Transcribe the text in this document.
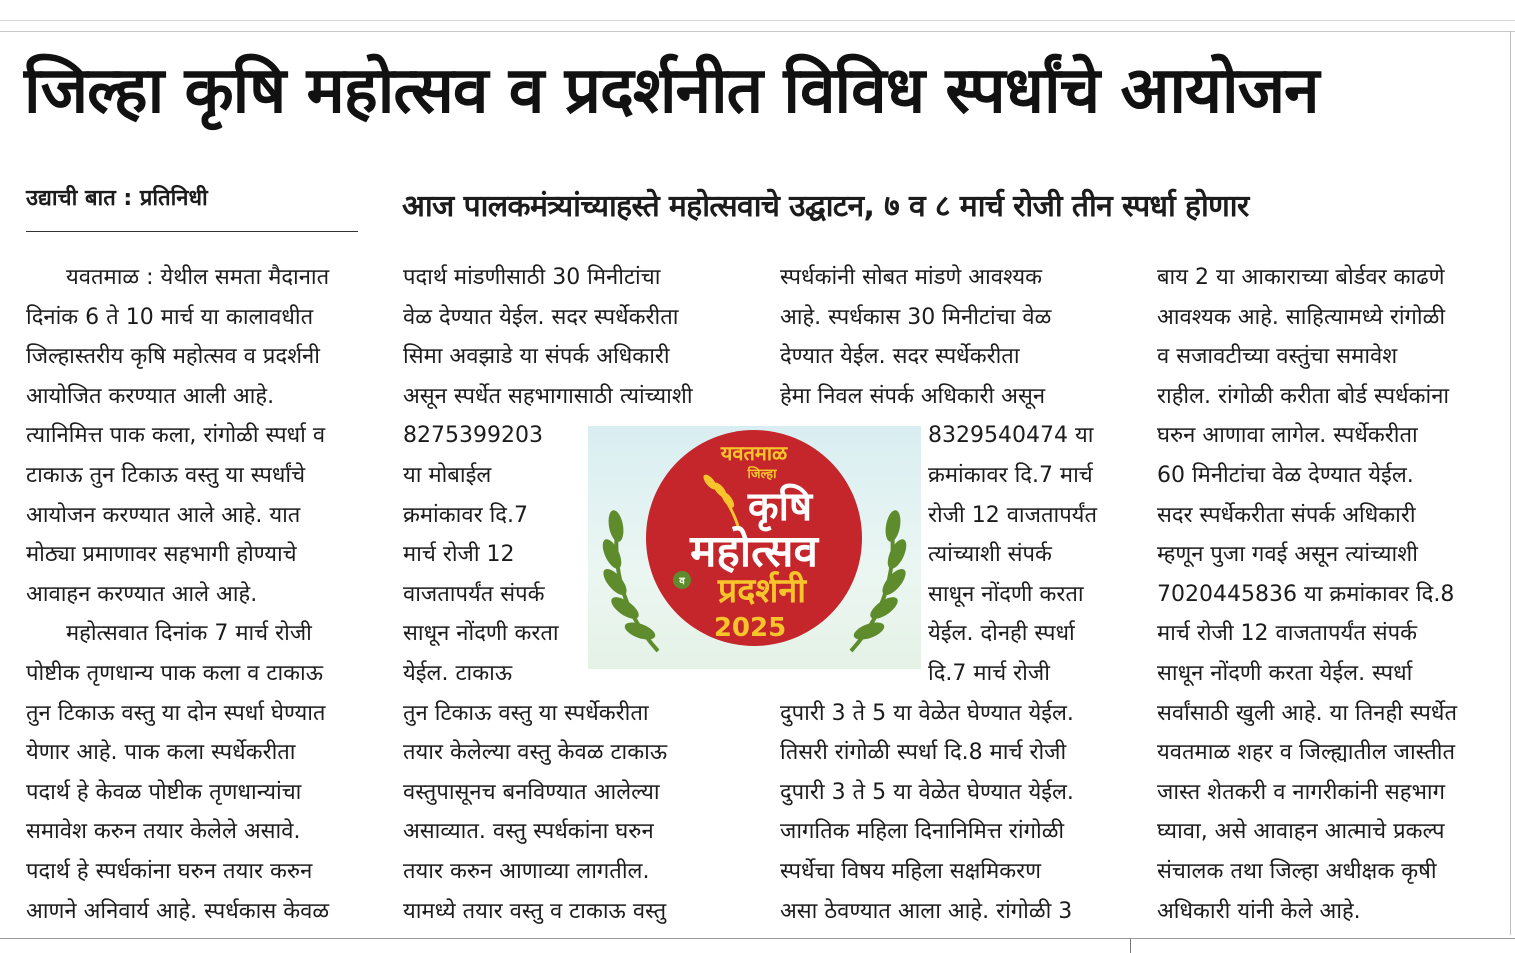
जिल्हा कृषि महोत्सव व प्रदर्शनीत विविध स्पर्धांचे आयोजन
उद्याची बात : प्रतिनिधी	आज पालकमंत्र्यांच्याहस्ते महोत्सवाचे उद्घाटन, ७ व ८ मार्च रोजी तीन स्पर्धा होणार
यवतमाळ : येथील समता मैदानात
दिनांक 6 ते 10 मार्च या कालावधीत
जिल्हास्तरीय कृषि महोत्सव व प्रदर्शनी
आयोजित करण्यात आली आहे.
त्यानिमित्त पाक कला, रांगोळी स्पर्धा व
टाकाऊ तुन टिकाऊ वस्तु या स्पर्धांचे
आयोजन करण्यात आले आहे. यात
मोठ्या प्रमाणावर सहभागी होण्याचे
आवाहन करण्यात आले आहे.
महोत्सवात दिनांक 7 मार्च रोजी
पोष्टीक तृणधान्य पाक कला व टाकाऊ
तुन टिकाऊ वस्तु या दोन स्पर्धा घेण्यात
येणार आहे. पाक कला स्पर्धेकरीता
पदार्थ हे केवळ पोष्टीक तृणधान्यांचा
समावेश करुन तयार केलेले असावे.
पदार्थ हे स्पर्धकांना घरुन तयार करुन
आणने अनिवार्य आहे. स्पर्धकास केवळ
पदार्थ मांडणीसाठी 30 मिनीटांचा
वेळ देण्यात येईल. सदर स्पर्धेकरीता
सिमा अवझाडे या संपर्क अधिकारी
असून स्पर्धेत सहभागासाठी त्यांच्याशी
8275399203
या मोबाईल
क्रमांकावर दि.7
मार्च रोजी 12
वाजतापर्यंत संपर्क
साधून नोंदणी करता
येईल. टाकाऊ
तुन टिकाऊ वस्तु या स्पर्धेकरीता
तयार केलेल्या वस्तु केवळ टाकाऊ
वस्तुपासूनच बनविण्यात आलेल्या
असाव्यात. वस्तु स्पर्धकांना घरुन
तयार करुन आणाव्या लागतील.
यामध्ये तयार वस्तु व टाकाऊ वस्तु
स्पर्धकांनी सोबत मांडणे आवश्यक
आहे. स्पर्धकास 30 मिनीटांचा वेळ
देण्यात येईल. सदर स्पर्धेकरीता
हेमा निवल संपर्क अधिकारी असून
8329540474 या
क्रमांकावर दि.7 मार्च
रोजी 12 वाजतापर्यंत
त्यांच्याशी संपर्क
साधून नोंदणी करता
येईल. दोनही स्पर्धा
दि.7 मार्च रोजी
दुपारी 3 ते 5 या वेळेत घेण्यात येईल.
तिसरी रांगोळी स्पर्धा दि.8 मार्च रोजी
दुपारी 3 ते 5 या वेळेत घेण्यात येईल.
जागतिक महिला दिनानिमित्त रांगोळी
स्पर्धेचा विषय महिला सक्षमिकरण
असा ठेवण्यात आला आहे. रांगोळी 3
बाय 2 या आकाराच्या बोर्डवर काढणे
आवश्यक आहे. साहित्यामध्ये रांगोळी
व सजावटीच्या वस्तुंचा समावेश
राहील. रांगोळी करीता बोर्ड स्पर्धकांना
घरुन आणावा लागेल. स्पर्धेकरीता
60 मिनीटांचा वेळ देण्यात येईल.
सदर स्पर्धेकरीता संपर्क अधिकारी
म्हणून पुजा गवई असून त्यांच्याशी
7020445836 या क्रमांकावर दि.8
मार्च रोजी 12 वाजतापर्यंत संपर्क
साधून नोंदणी करता येईल. स्पर्धा
सर्वांसाठी खुली आहे. या तिनही स्पर्धेत
यवतमाळ शहर व जिल्ह्यातील जास्तीत
जास्त शेतकरी व नागरीकांनी सहभाग
घ्यावा, असे आवाहन आत्माचे प्रकल्प
संचालक तथा जिल्हा अधीक्षक कृषी
अधिकारी यांनी केले आहे.
यवतमाळ
जिल्हा
कृषि
महोत्सव
व प्रदर्शनी
2025
